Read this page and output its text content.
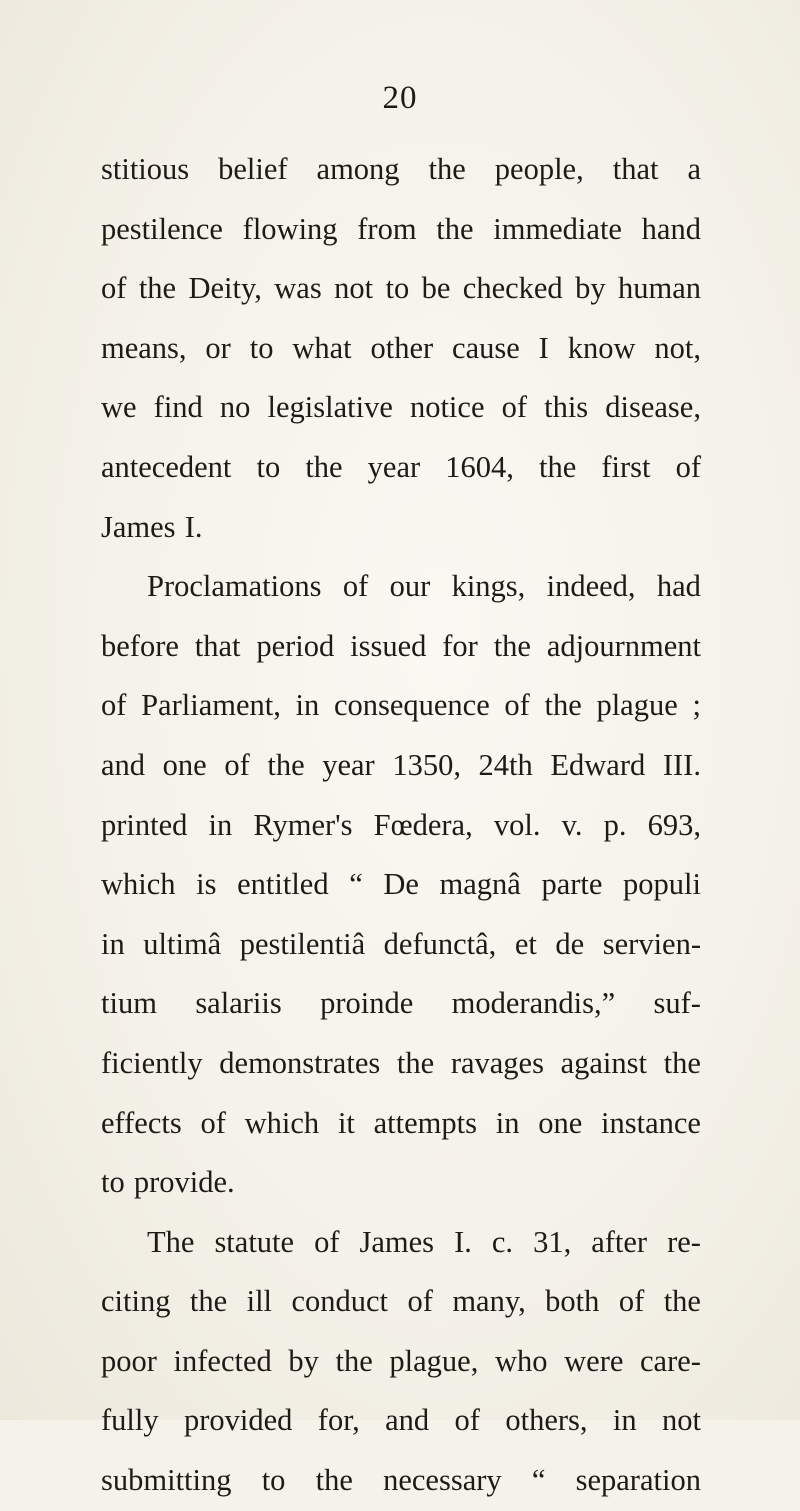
20
stitious belief among the people, that a
pestilence flowing from the immediate hand
of the Deity, was not to be checked by human
means, or to what other cause I know not,
we find no legislative notice of this disease,
antecedent to the year 1604, the first of
James I.
Proclamations of our kings, indeed, had
before that period issued for the adjournment
of Parliament, in consequence of the plague ;
and one of the year 1350, 24th Edward III.
printed in Rymer's Fœdera, vol. v. p. 693,
which is entitled “ De magnâ parte populi
in ultimâ pestilentiâ defunctâ, et de servien-
tium salariis proinde moderandis,” suf-
ficiently demonstrates the ravages against the
effects of which it attempts in one instance
to provide.
The statute of James I. c. 31, after re-
citing the ill conduct of many, both of the
poor infected by the plague, who were care-
fully provided for, and of others, in not
submitting to the necessary “ separation
